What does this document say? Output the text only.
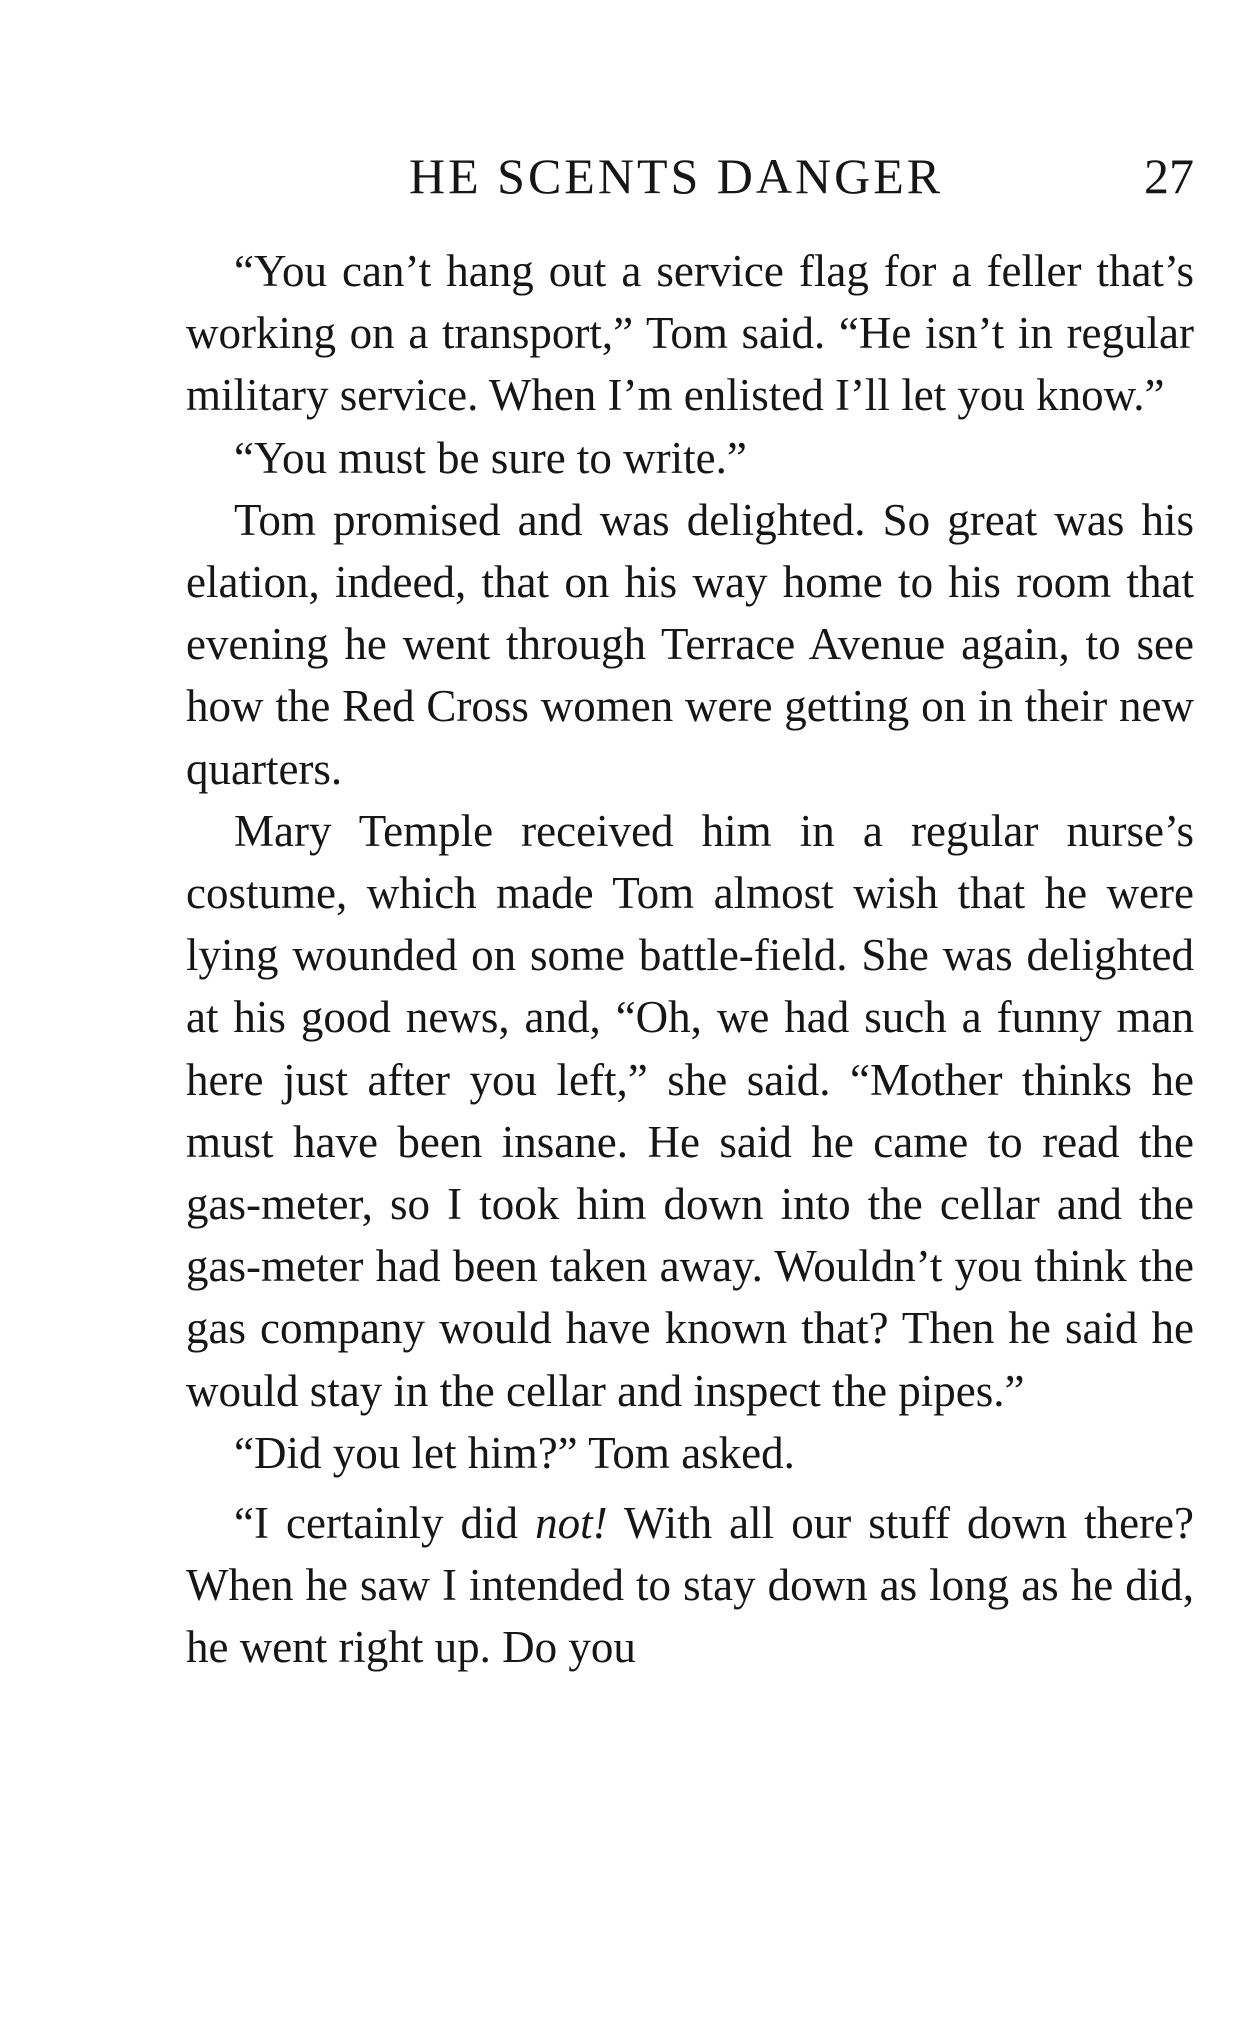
HE SCENTS DANGER	27

“You can’t hang out a service flag for a feller that’s working on a transport,” Tom said. “He isn’t in regular military service. When I’m enlisted I’ll let you know.”

“You must be sure to write.”

Tom promised and was delighted. So great was his elation, indeed, that on his way home to his room that evening he went through Terrace Avenue again, to see how the Red Cross women were getting on in their new quarters.

Mary Temple received him in a regular nurse’s costume, which made Tom almost wish that he were lying wounded on some battle-field. She was delighted at his good news, and, “Oh, we had such a funny man here just after you left,” she said. “Mother thinks he must have been insane. He said he came to read the gas-meter, so I took him down into the cellar and the gas-meter had been taken away. Wouldn’t you think the gas company would have known that? Then he said he would stay in the cellar and inspect the pipes.”

“Did you let him?” Tom asked.

“I certainly did not! With all our stuff down there? When he saw I intended to stay down as long as he did, he went right up. Do you
